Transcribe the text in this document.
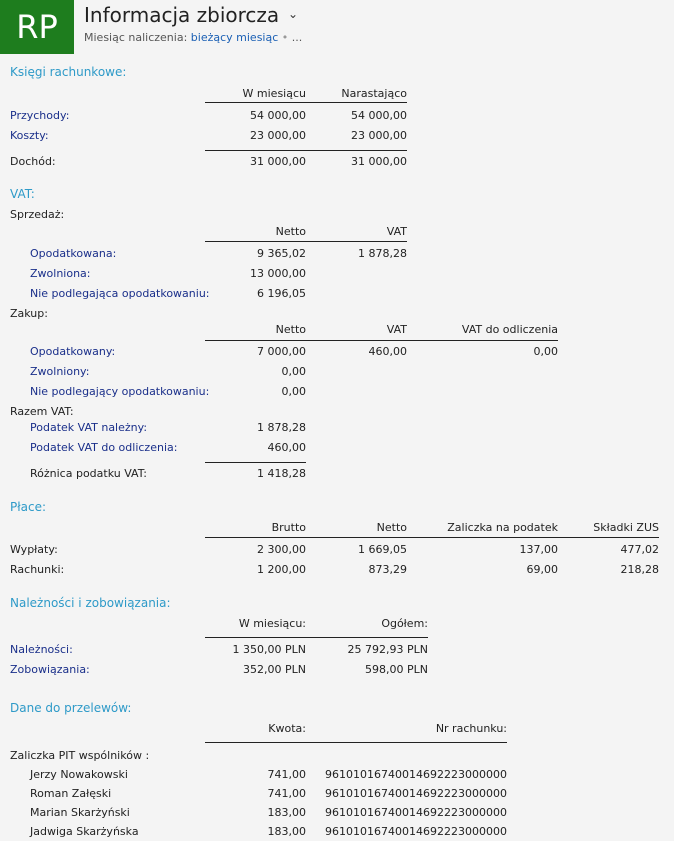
RP	Informacja zbiorcza ⌄
Miesiąc naliczenia: bieżący miesiąc • ...
Księgi rachunkowe:
W miesiącu	Narastająco
Przychody:	54 000,00	54 000,00
Koszty:	23 000,00	23 000,00
Dochód:	31 000,00	31 000,00
VAT:
Sprzedaż:
Netto	VAT
Opodatkowana:	9 365,02	1 878,28
Zwolniona:	13 000,00
Nie podlegająca opodatkowaniu:	6 196,05
Zakup:
Netto	VAT	VAT do odliczenia
Opodatkowany:	7 000,00	460,00	0,00
Zwolniony:	0,00
Nie podlegający opodatkowaniu:	0,00
Razem VAT:
Podatek VAT należny:	1 878,28
Podatek VAT do odliczenia:	460,00
Różnica podatku VAT:	1 418,28
Płace:
Brutto	Netto	Zaliczka na podatek	Składki ZUS
Wypłaty:	2 300,00	1 669,05	137,00	477,02
Rachunki:	1 200,00	873,29	69,00	218,28
Należności i zobowiązania:
W miesiącu:	Ogółem:
Należności:	1 350,00 PLN	25 792,93 PLN
Zobowiązania:	352,00 PLN	598,00 PLN
Dane do przelewów:
Kwota:	Nr rachunku:
Zaliczka PIT wspólników :
Jerzy Nowakowski	741,00 96101016740014692223000000
Roman Załęski	741,00 96101016740014692223000000
Marian Skarżyński	183,00 96101016740014692223000000
Jadwiga Skarżyńska	183,00 96101016740014692223000000
